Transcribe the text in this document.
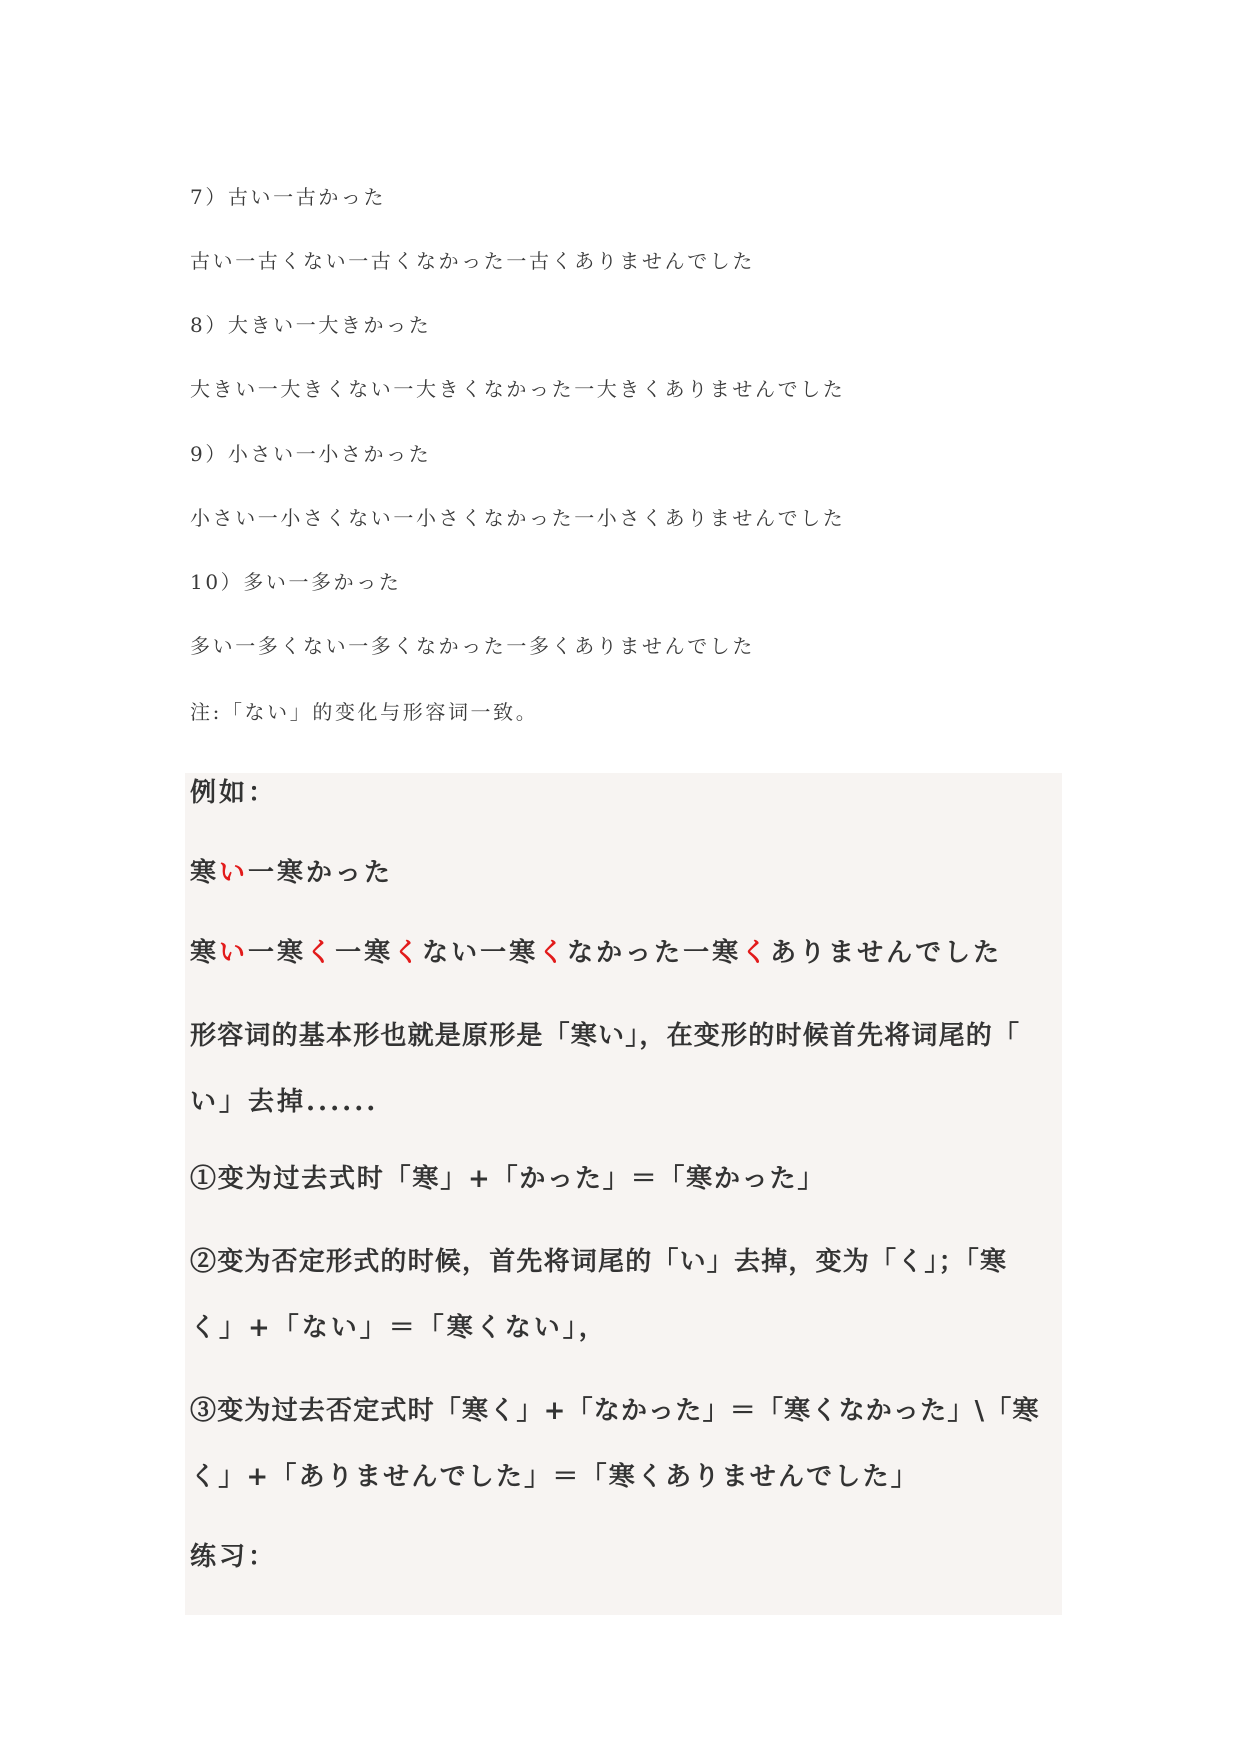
7）古い一古かった
古い一古くない一古くなかった一古くありませんでした
8）大きい一大きかった
大きい一大きくない一大きくなかった一大きくありませんでした
9）小さい一小さかった
小さい一小さくない一小さくなかった一小さくありませんでした
10）多い一多かった
多い一多くない一多くなかった一多くありませんでした
注:「ない」的变化与形容词一致。
例如：
寒い一寒かった
寒い一寒く一寒くない一寒くなかった一寒くありませんでした
形容词的基本形也就是原形是「寒い」，在变形的时候首先将词尾的「
い」去掉......
①变为过去式时「寒」+「かった」＝「寒かった」
②变为否定形式的时候，首先将词尾的「い」去掉，变为「く」；「寒
く」+「ない」＝「寒くない」，
③变为过去否定式时「寒く」+「なかった」＝「寒くなかった」\「寒
く」+「ありませんでした」＝「寒くありませんでした」
练习：
